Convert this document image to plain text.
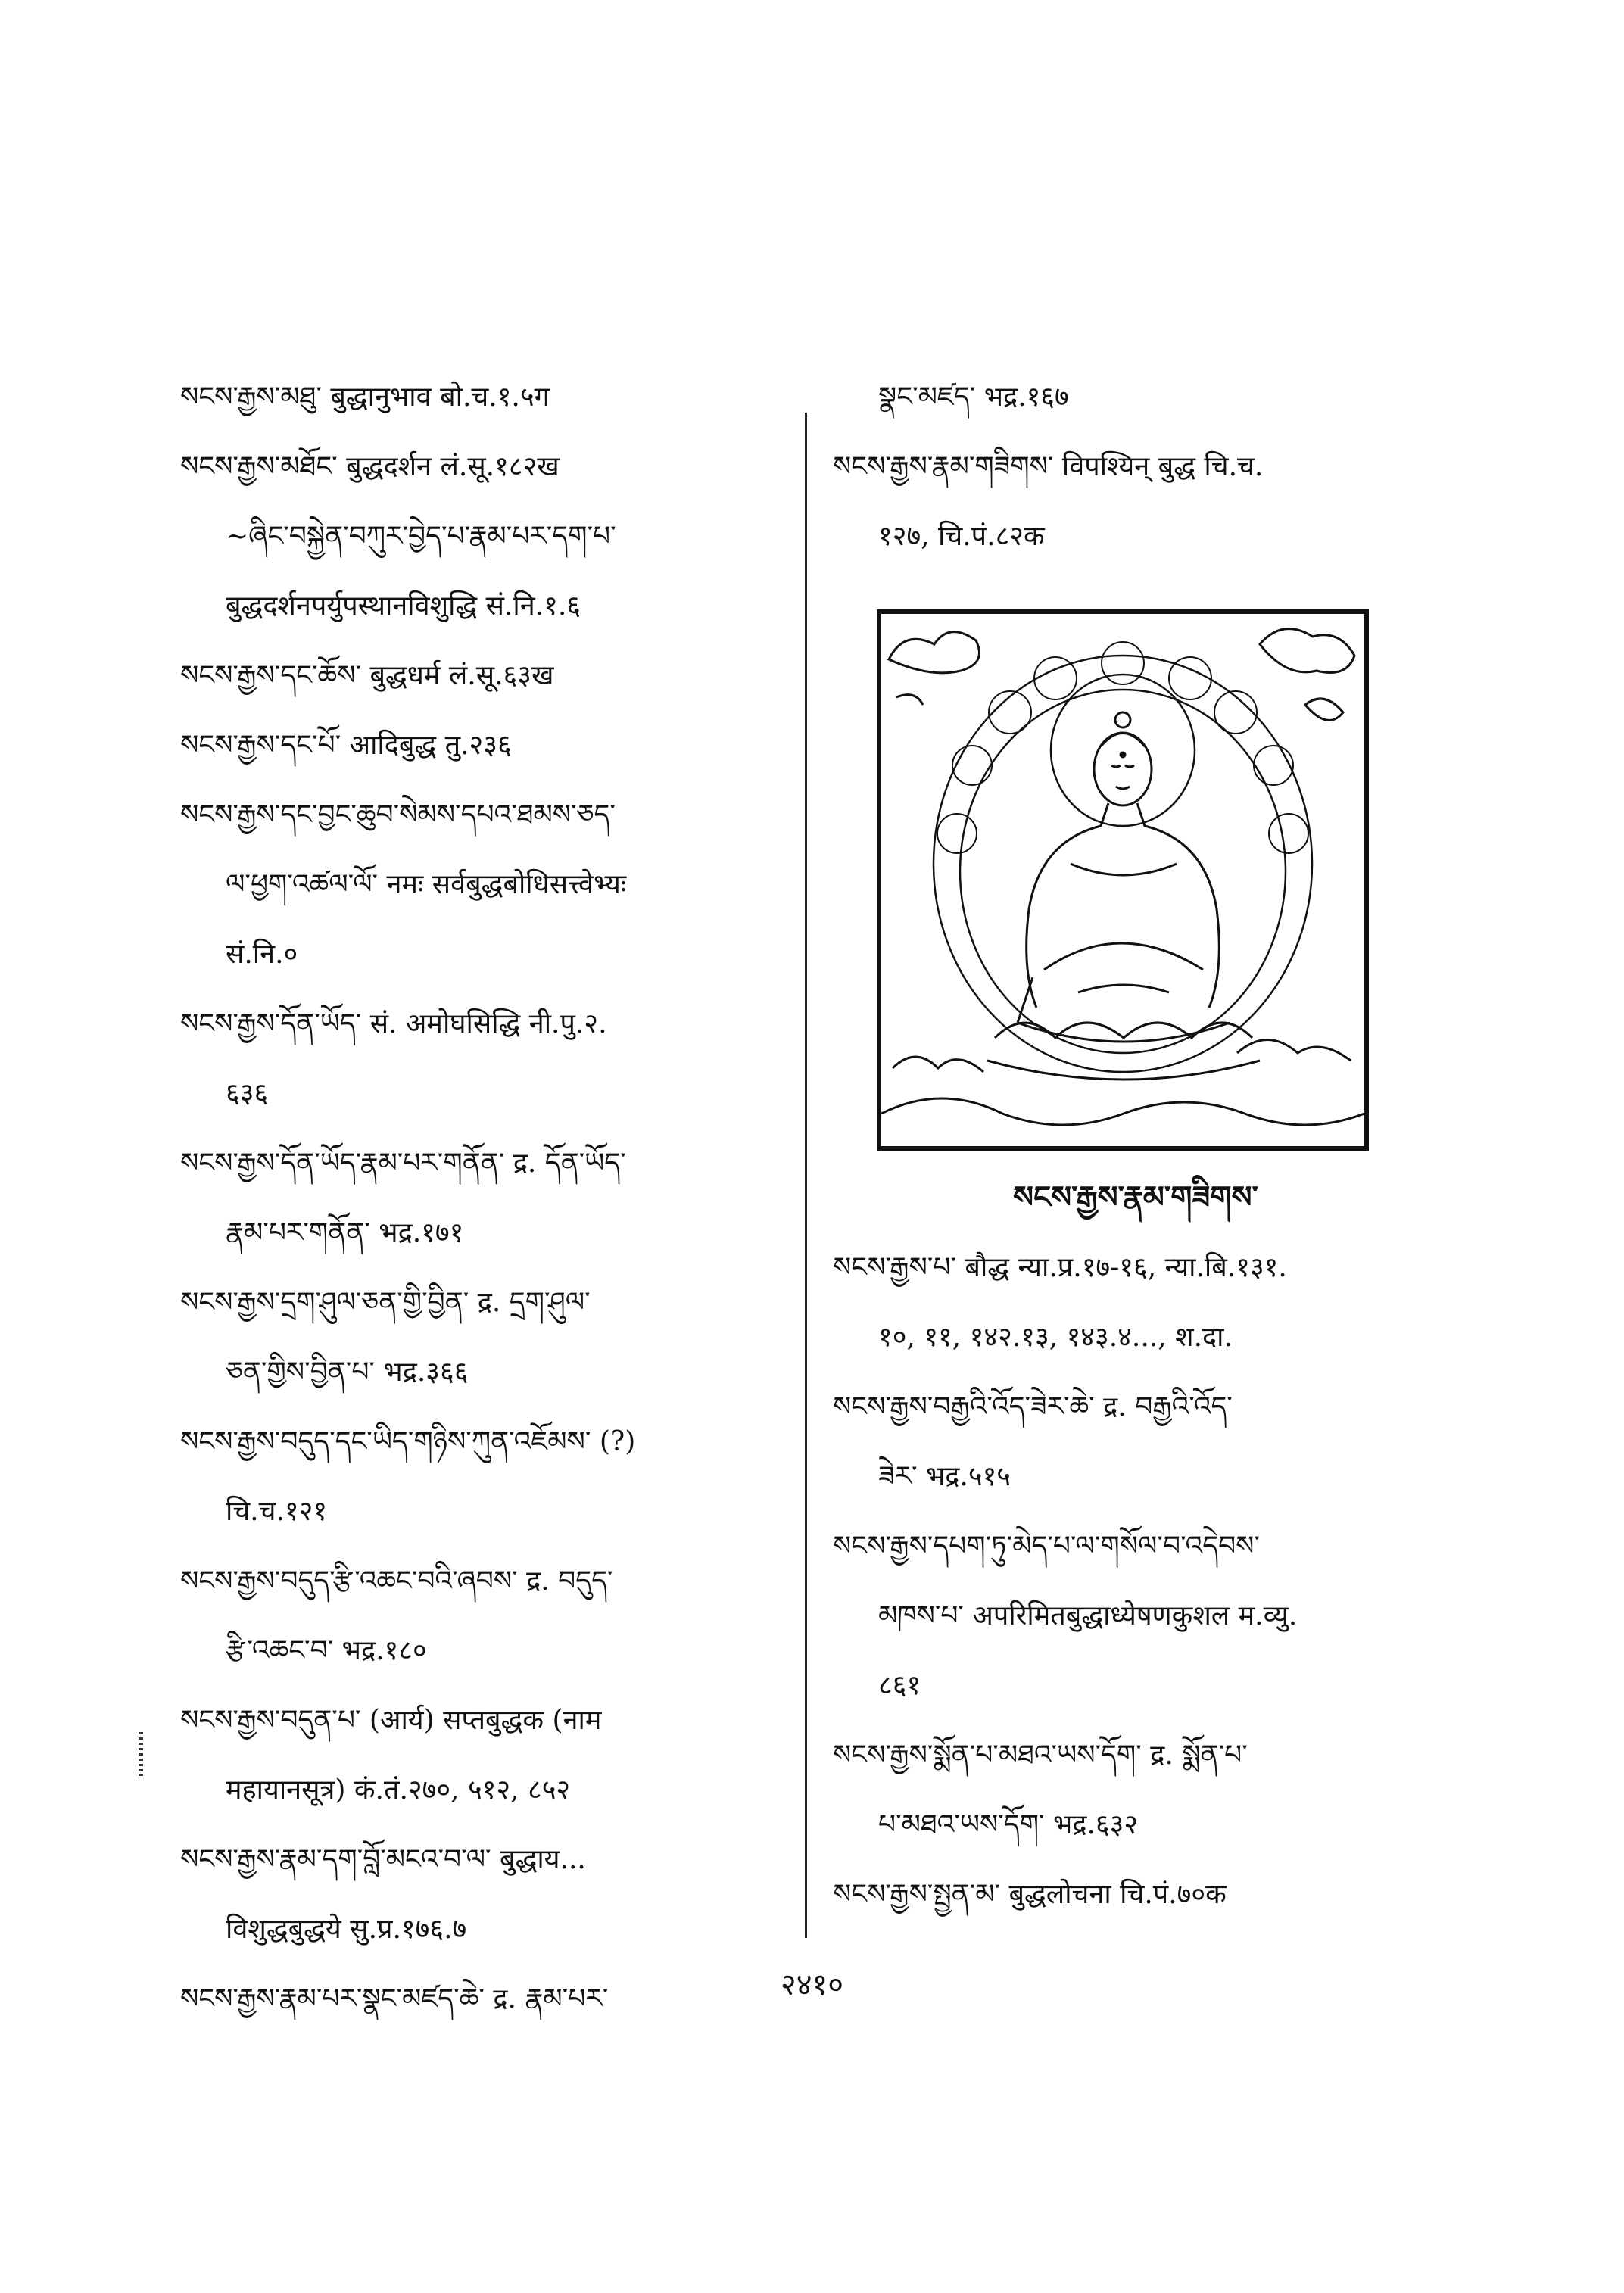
སངས་རྒྱས་མཐུ་ बुद्धानुभाव बो.च.१.५ग
སངས་རྒྱས་མཐོང་ बुद्धदर्शन लं.सू.१८२ख
~ཞིང་བསྐྱེན་བཀུར་བྱེད་པ་རྣམ་པར་དག་པ་
बुद्धदर्शनपर्युपस्थानविशुद्धि सं.नि.१.६
སངས་རྒྱས་དང་ཆོས་ बुद्धधर्म लं.सू.६३ख
སངས་རྒྱས་དང་པོ་ आदिबुद्ध तु.२३६
སངས་རྒྱས་དང་བྱང་ཆུབ་སེམས་དཔའ་ཐམས་ཅད་
ལ་ཕྱག་འཚལ་ལོ་ नमः सर्वबुद्धबोधिसत्त्वेभ्यः
सं.नि.०
སངས་རྒྱས་དོན་ཡོད་ सं. अमोघसिद्धि नी.पु.२.
६३६
སངས་རྒྱས་དོན་ཡོད་རྣམ་པར་གནོན་ द्र. དོན་ཡོད་
རྣམ་པར་གནོན་ भद्र.१७१
སངས་རྒྱས་དྲག་ཤུལ་ཅན་གྱི་བྱིན་ द्र. དྲག་ཤུལ་
ཅན་གྱིས་བྱིན་པ་ भद्र.३६६
སངས་རྒྱས་བདུད་དང་ཡིད་གཉིས་ཀུན་འཇོམས་ (?)
चि.च.१२१
སངས་རྒྱས་བདུད་རྩི་འཆང་བའི་ཞབས་ द्र. བདུད་
རྩི་འཆང་བ་ भद्र.१८०
སངས་རྒྱས་བདུན་པ་ (आर्य) सप्तबुद्धक (नाम
महायानसूत्र) कं.तं.२७०, ५१२, ८५२
སངས་རྒྱས་རྣམ་དག་བློ་མངའ་བ་ལ་ बुद्धाय...
विशुद्धबुद्धये सु.प्र.१७६.७
སངས་རྒྱས་རྣམ་པར་སྣང་མཛད་ཆེ་ द्र. རྣམ་པར་
སྣང་མཛད་ भद्र.१६७
སངས་རྒྱས་རྣམ་གཟིགས་ विपश्यिन् बुद्ध चि.च.
१२७, चि.पं.८२क
སངས་རྒྱས་རྣམ་གཟིགས་
སངས་རྒྱས་པ་ बौद्ध न्या.प्र.१७-१६, न्या.बि.१३१.
१०, ११, १४२.१३, १४३.४..., श.दा.
སངས་རྒྱས་བརྒྱའི་འོད་ཟེར་ཆེ་ द्र. བརྒྱའི་འོད་
ཟེར་ भद्र.५१५
སངས་རྒྱས་དཔག་ཏུ་མེད་པ་ལ་གསོལ་བ་འདེབས་
མཁས་པ་ अपरिमितबुद्धाध्येषणकुशल म.व्यु.
८६१
སངས་རྒྱས་སྨོན་པ་མཐའ་ཡས་དོག་ द्र. སྨོན་པ་
པ་མཐའ་ཡས་དོག་ भद्र.६३२
སངས་རྒྱས་སྤྱན་མ་ बुद्धलोचना चि.पं.७०क
२४१०
